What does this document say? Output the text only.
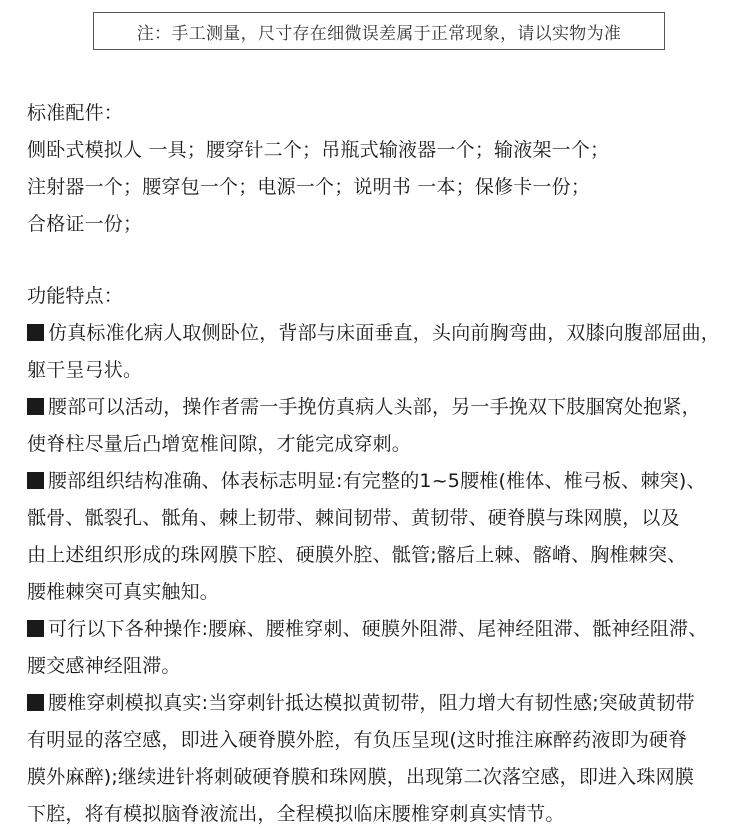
注：手工测量，尺寸存在细微误差属于正常现象，请以实物为准
标准配件：
侧卧式模拟人 一具；腰穿针二个；吊瓶式输液器一个；输液架一个；
注射器一个；腰穿包一个；电源一个；说明书 一本；保修卡一份；
合格证一份；
功能特点：
仿真标准化病人取侧卧位，背部与床面垂直，头向前胸弯曲，双膝向腹部屈曲，
躯干呈弓状。
腰部可以活动，操作者需一手挽仿真病人头部，另一手挽双下肢腘窝处抱紧，
使脊柱尽量后凸增宽椎间隙，才能完成穿刺。
腰部组织结构准确、体表标志明显:有完整的1~5腰椎(椎体、椎弓板、棘突)、
骶骨、骶裂孔、骶角、棘上韧带、棘间韧带、黄韧带、硬脊膜与珠网膜，以及
由上述组织形成的珠网膜下腔、硬膜外腔、骶管;髂后上棘、髂嵴、胸椎棘突、
腰椎棘突可真实触知。
可行以下各种操作:腰麻、腰椎穿刺、硬膜外阻滞、尾神经阻滞、骶神经阻滞、
腰交感神经阻滞。
腰椎穿刺模拟真实:当穿刺针抵达模拟黄韧带，阻力增大有韧性感;突破黄韧带
有明显的落空感，即进入硬脊膜外腔，有负压呈现(这时推注麻醉药液即为硬脊
膜外麻醉);继续进针将刺破硬脊膜和珠网膜，出现第二次落空感，即进入珠网膜
下腔，将有模拟脑脊液流出，全程模拟临床腰椎穿刺真实情节。
